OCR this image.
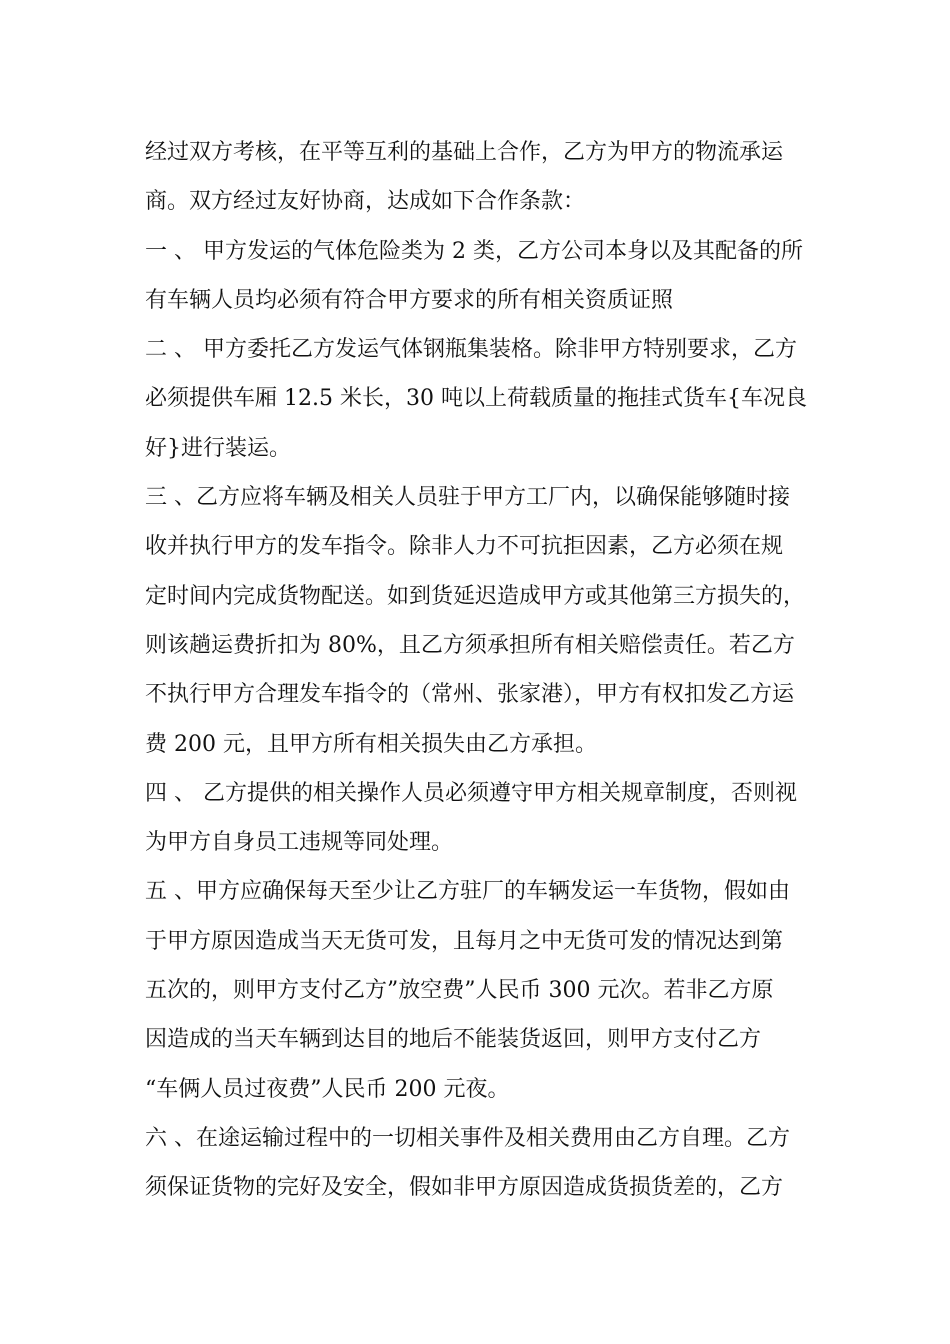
经过双方考核，在平等互利的基础上合作，乙方为甲方的物流承运
商。双方经过友好协商，达成如下合作条款：
一 、 甲方发运的气体危险类为 2 类，乙方公司本身以及其配备的所
有车辆人员均必须有符合甲方要求的所有相关资质证照
二 、 甲方委托乙方发运气体钢瓶集装格。除非甲方特别要求，乙方
必须提供车厢 12.5 米长，30 吨以上荷载质量的拖挂式货车{车况良
好}进行装运。
三 、乙方应将车辆及相关人员驻于甲方工厂内，以确保能够随时接
收并执行甲方的发车指令。除非人力不可抗拒因素，乙方必须在规
定时间内完成货物配送。如到货延迟造成甲方或其他第三方损失的，
则该趟运费折扣为 80%，且乙方须承担所有相关赔偿责任。若乙方
不执行甲方合理发车指令的（常州、张家港），甲方有权扣发乙方运
费 200 元，且甲方所有相关损失由乙方承担。
四 、 乙方提供的相关操作人员必须遵守甲方相关规章制度，否则视
为甲方自身员工违规等同处理。
五 、甲方应确保每天至少让乙方驻厂的车辆发运一车货物，假如由
于甲方原因造成当天无货可发，且每月之中无货可发的情况达到第
五次的，则甲方支付乙方”放空费”人民币 300 元次。若非乙方原
因造成的当天车辆到达目的地后不能装货返回，则甲方支付乙方
“车俩人员过夜费”人民币 200 元夜。
六 、在途运输过程中的一切相关事件及相关费用由乙方自理。乙方
须保证货物的完好及安全，假如非甲方原因造成货损货差的，乙方
